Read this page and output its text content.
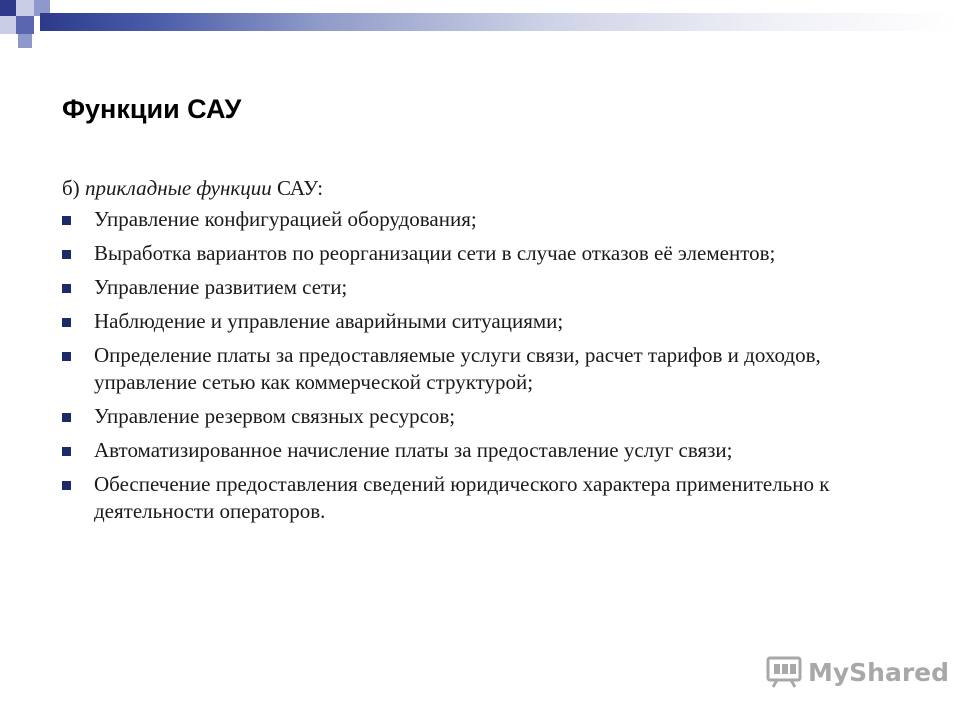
Функции САУ
б) прикладные функции САУ:
Управление конфигурацией оборудования;
Выработка вариантов по реорганизации сети в случае отказов её элементов;
Управление развитием сети;
Наблюдение и управление аварийными ситуациями;
Определение платы за предоставляемые услуги связи, расчет тарифов и доходов, управление сетью как коммерческой структурой;
Управление резервом связных ресурсов;
Автоматизированное начисление платы за предоставление услуг связи;
Обеспечение предоставления сведений юридического характера применительно к деятельности операторов.
MyShared
